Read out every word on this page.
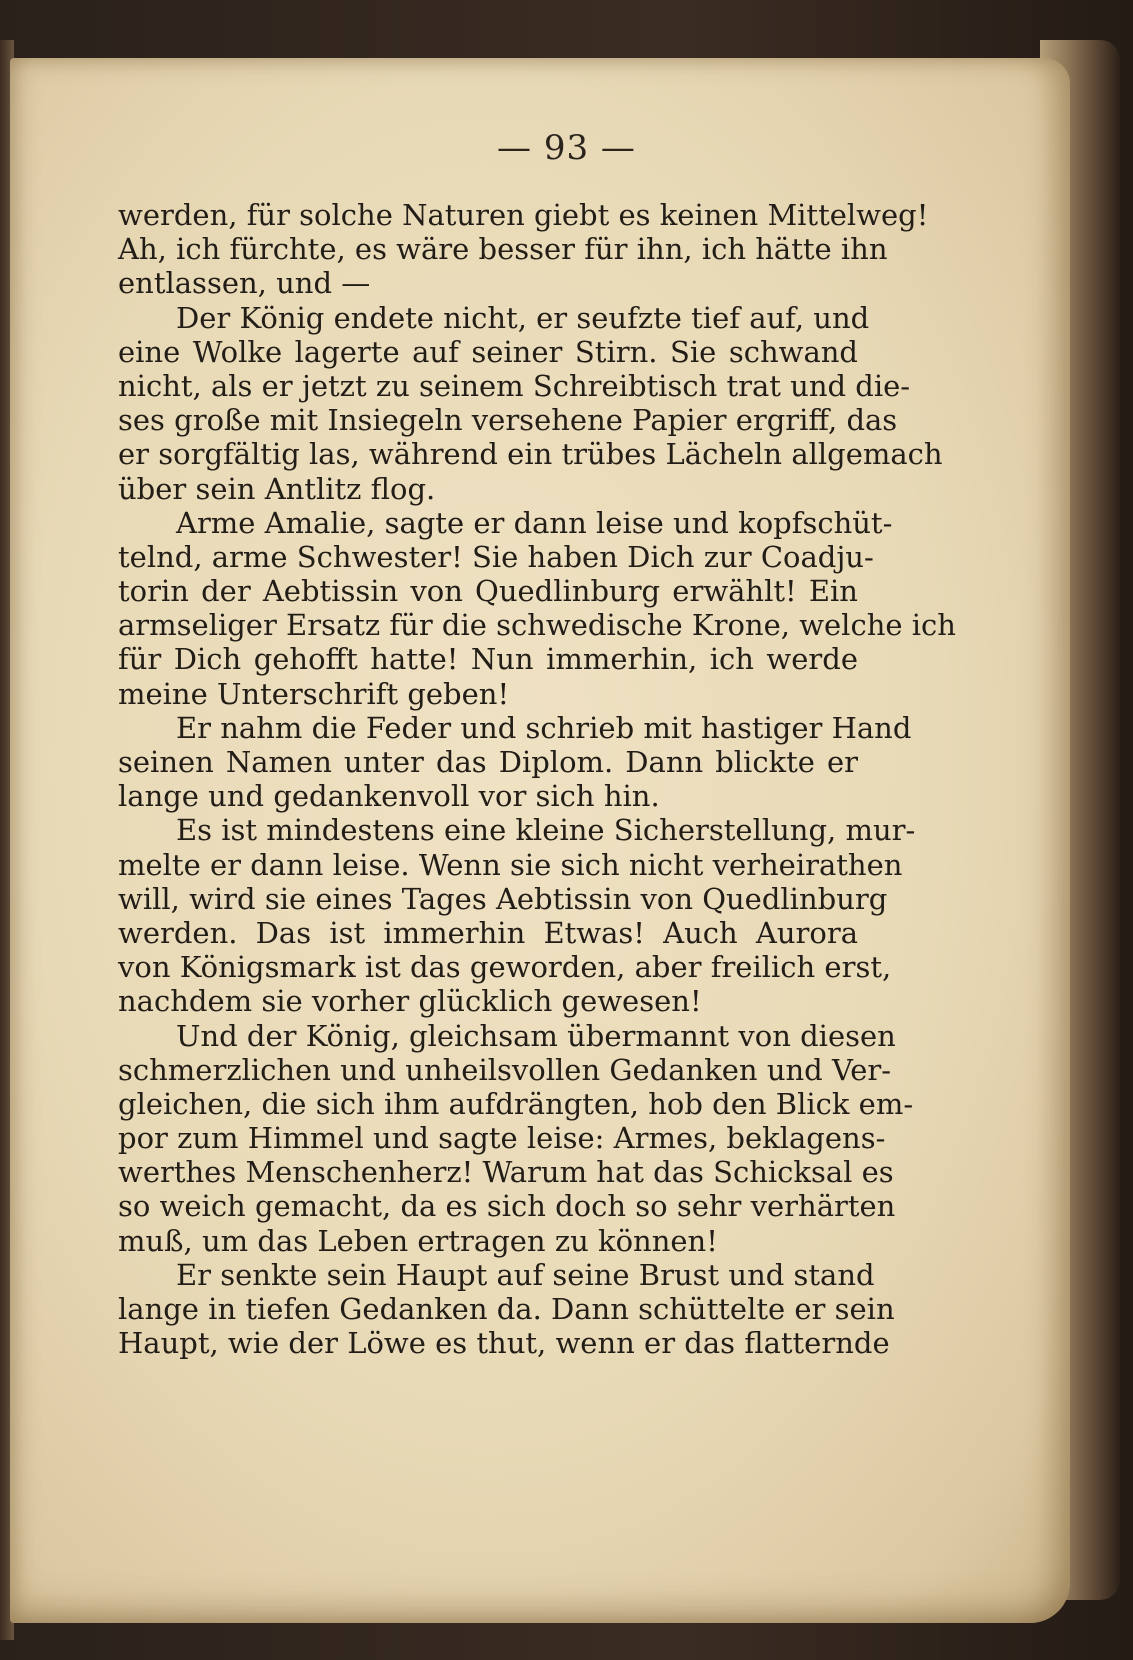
— 93 —
werden, für solche Naturen giebt es keinen Mittelweg!
Ah, ich fürchte, es wäre besser für ihn, ich hätte ihn
entlassen, und —
Der König endete nicht, er seufzte tief auf, und
eine Wolke lagerte auf seiner Stirn. Sie schwand
nicht, als er jetzt zu seinem Schreibtisch trat und die-
ses große mit Insiegeln versehene Papier ergriff, das
er sorgfältig las, während ein trübes Lächeln allgemach
über sein Antlitz flog.
Arme Amalie, sagte er dann leise und kopfschüt-
telnd, arme Schwester! Sie haben Dich zur Coadju-
torin der Aebtissin von Quedlinburg erwählt! Ein
armseliger Ersatz für die schwedische Krone, welche ich
für Dich gehofft hatte! Nun immerhin, ich werde
meine Unterschrift geben!
Er nahm die Feder und schrieb mit hastiger Hand
seinen Namen unter das Diplom. Dann blickte er
lange und gedankenvoll vor sich hin.
Es ist mindestens eine kleine Sicherstellung, mur-
melte er dann leise. Wenn sie sich nicht verheirathen
will, wird sie eines Tages Aebtissin von Quedlinburg
werden. Das ist immerhin Etwas! Auch Aurora
von Königsmark ist das geworden, aber freilich erst,
nachdem sie vorher glücklich gewesen!
Und der König, gleichsam übermannt von diesen
schmerzlichen und unheilsvollen Gedanken und Ver-
gleichen, die sich ihm aufdrängten, hob den Blick em-
por zum Himmel und sagte leise: Armes, beklagens-
werthes Menschenherz! Warum hat das Schicksal es
so weich gemacht, da es sich doch so sehr verhärten
muß, um das Leben ertragen zu können!
Er senkte sein Haupt auf seine Brust und stand
lange in tiefen Gedanken da. Dann schüttelte er sein
Haupt, wie der Löwe es thut, wenn er das flatternde
